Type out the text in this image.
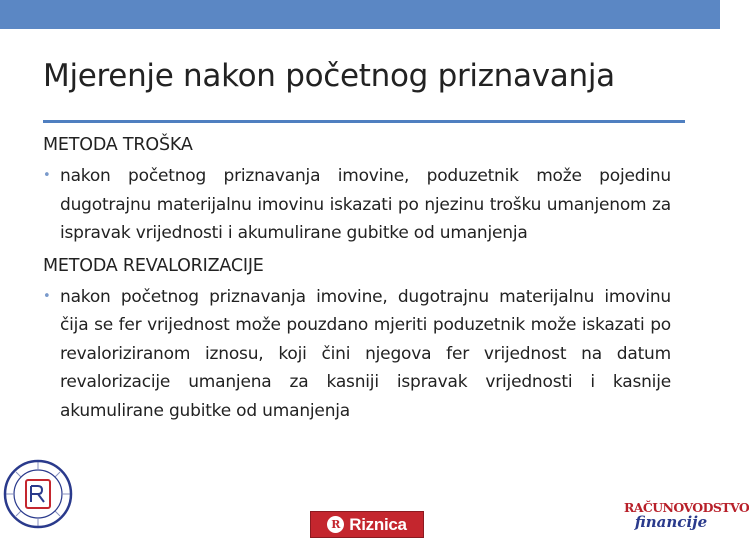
Mjerenje nakon početnog priznavanja

METODA TROŠKA

• nakon početnog priznavanja imovine, poduzetnik može pojedinu dugotrajnu materijalnu imovinu iskazati po njezinu trošku umanjenom za ispravak vrijednosti i akumulirane gubitke od umanjenja

METODA REVALORIZACIJE

• nakon početnog priznavanja imovine, dugotrajnu materijalnu imovinu čija se fer vrijednost može pouzdano mjeriti poduzetnik može iskazati po revaloriziranom iznosu, koji čini njegova fer vrijednost na datum revalorizacije umanjena za kasniji ispravak vrijednosti i kasnije akumulirane gubitke od umanjenja

R Riznica
RAČUNOVODSTVO
financije
